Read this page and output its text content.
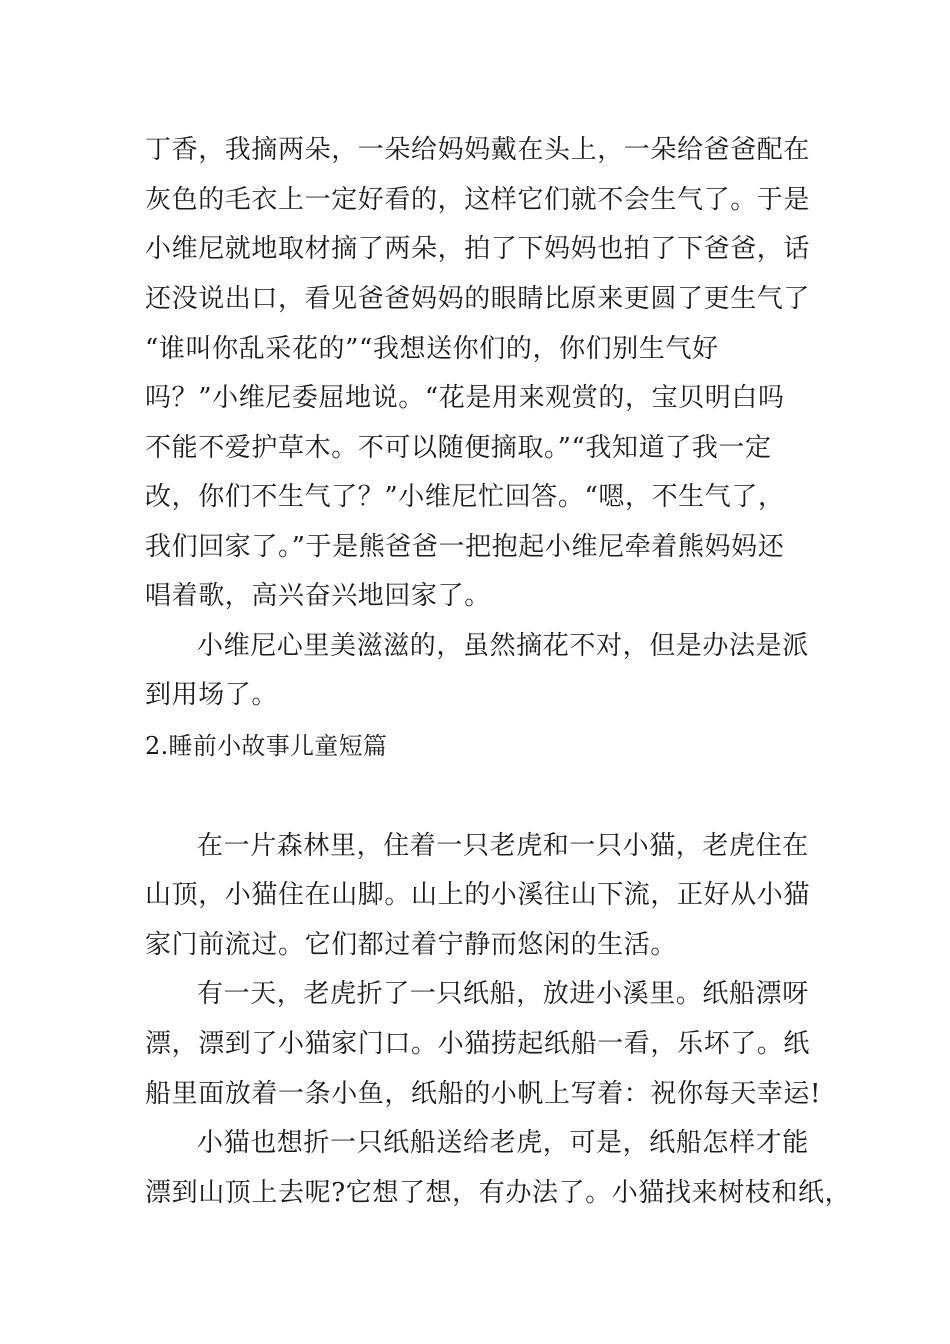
丁香，我摘两朵，一朵给妈妈戴在头上，一朵给爸爸配在
灰色的毛衣上一定好看的，这样它们就不会生气了。于是
小维尼就地取材摘了两朵，拍了下妈妈也拍了下爸爸，话
还没说出口，看见爸爸妈妈的眼睛比原来更圆了更生气了
“谁叫你乱采花的”“我想送你们的，你们别生气好
吗？”小维尼委屈地说。“花是用来观赏的，宝贝明白吗
不能不爱护草木。不可以随便摘取。”“我知道了我一定
改，你们不生气了？”小维尼忙回答。“嗯，不生气了，
我们回家了。”于是熊爸爸一把抱起小维尼牵着熊妈妈还
唱着歌，高兴奋兴地回家了。
小维尼心里美滋滋的，虽然摘花不对，但是办法是派
到用场了。
2.睡前小故事儿童短篇
在一片森林里，住着一只老虎和一只小猫，老虎住在
山顶，小猫住在山脚。山上的小溪往山下流，正好从小猫
家门前流过。它们都过着宁静而悠闲的生活。
有一天，老虎折了一只纸船，放进小溪里。纸船漂呀
漂，漂到了小猫家门口。小猫捞起纸船一看，乐坏了。纸
船里面放着一条小鱼，纸船的小帆上写着：祝你每天幸运!
小猫也想折一只纸船送给老虎，可是，纸船怎样才能
漂到山顶上去呢?它想了想，有办法了。小猫找来树枝和纸，
